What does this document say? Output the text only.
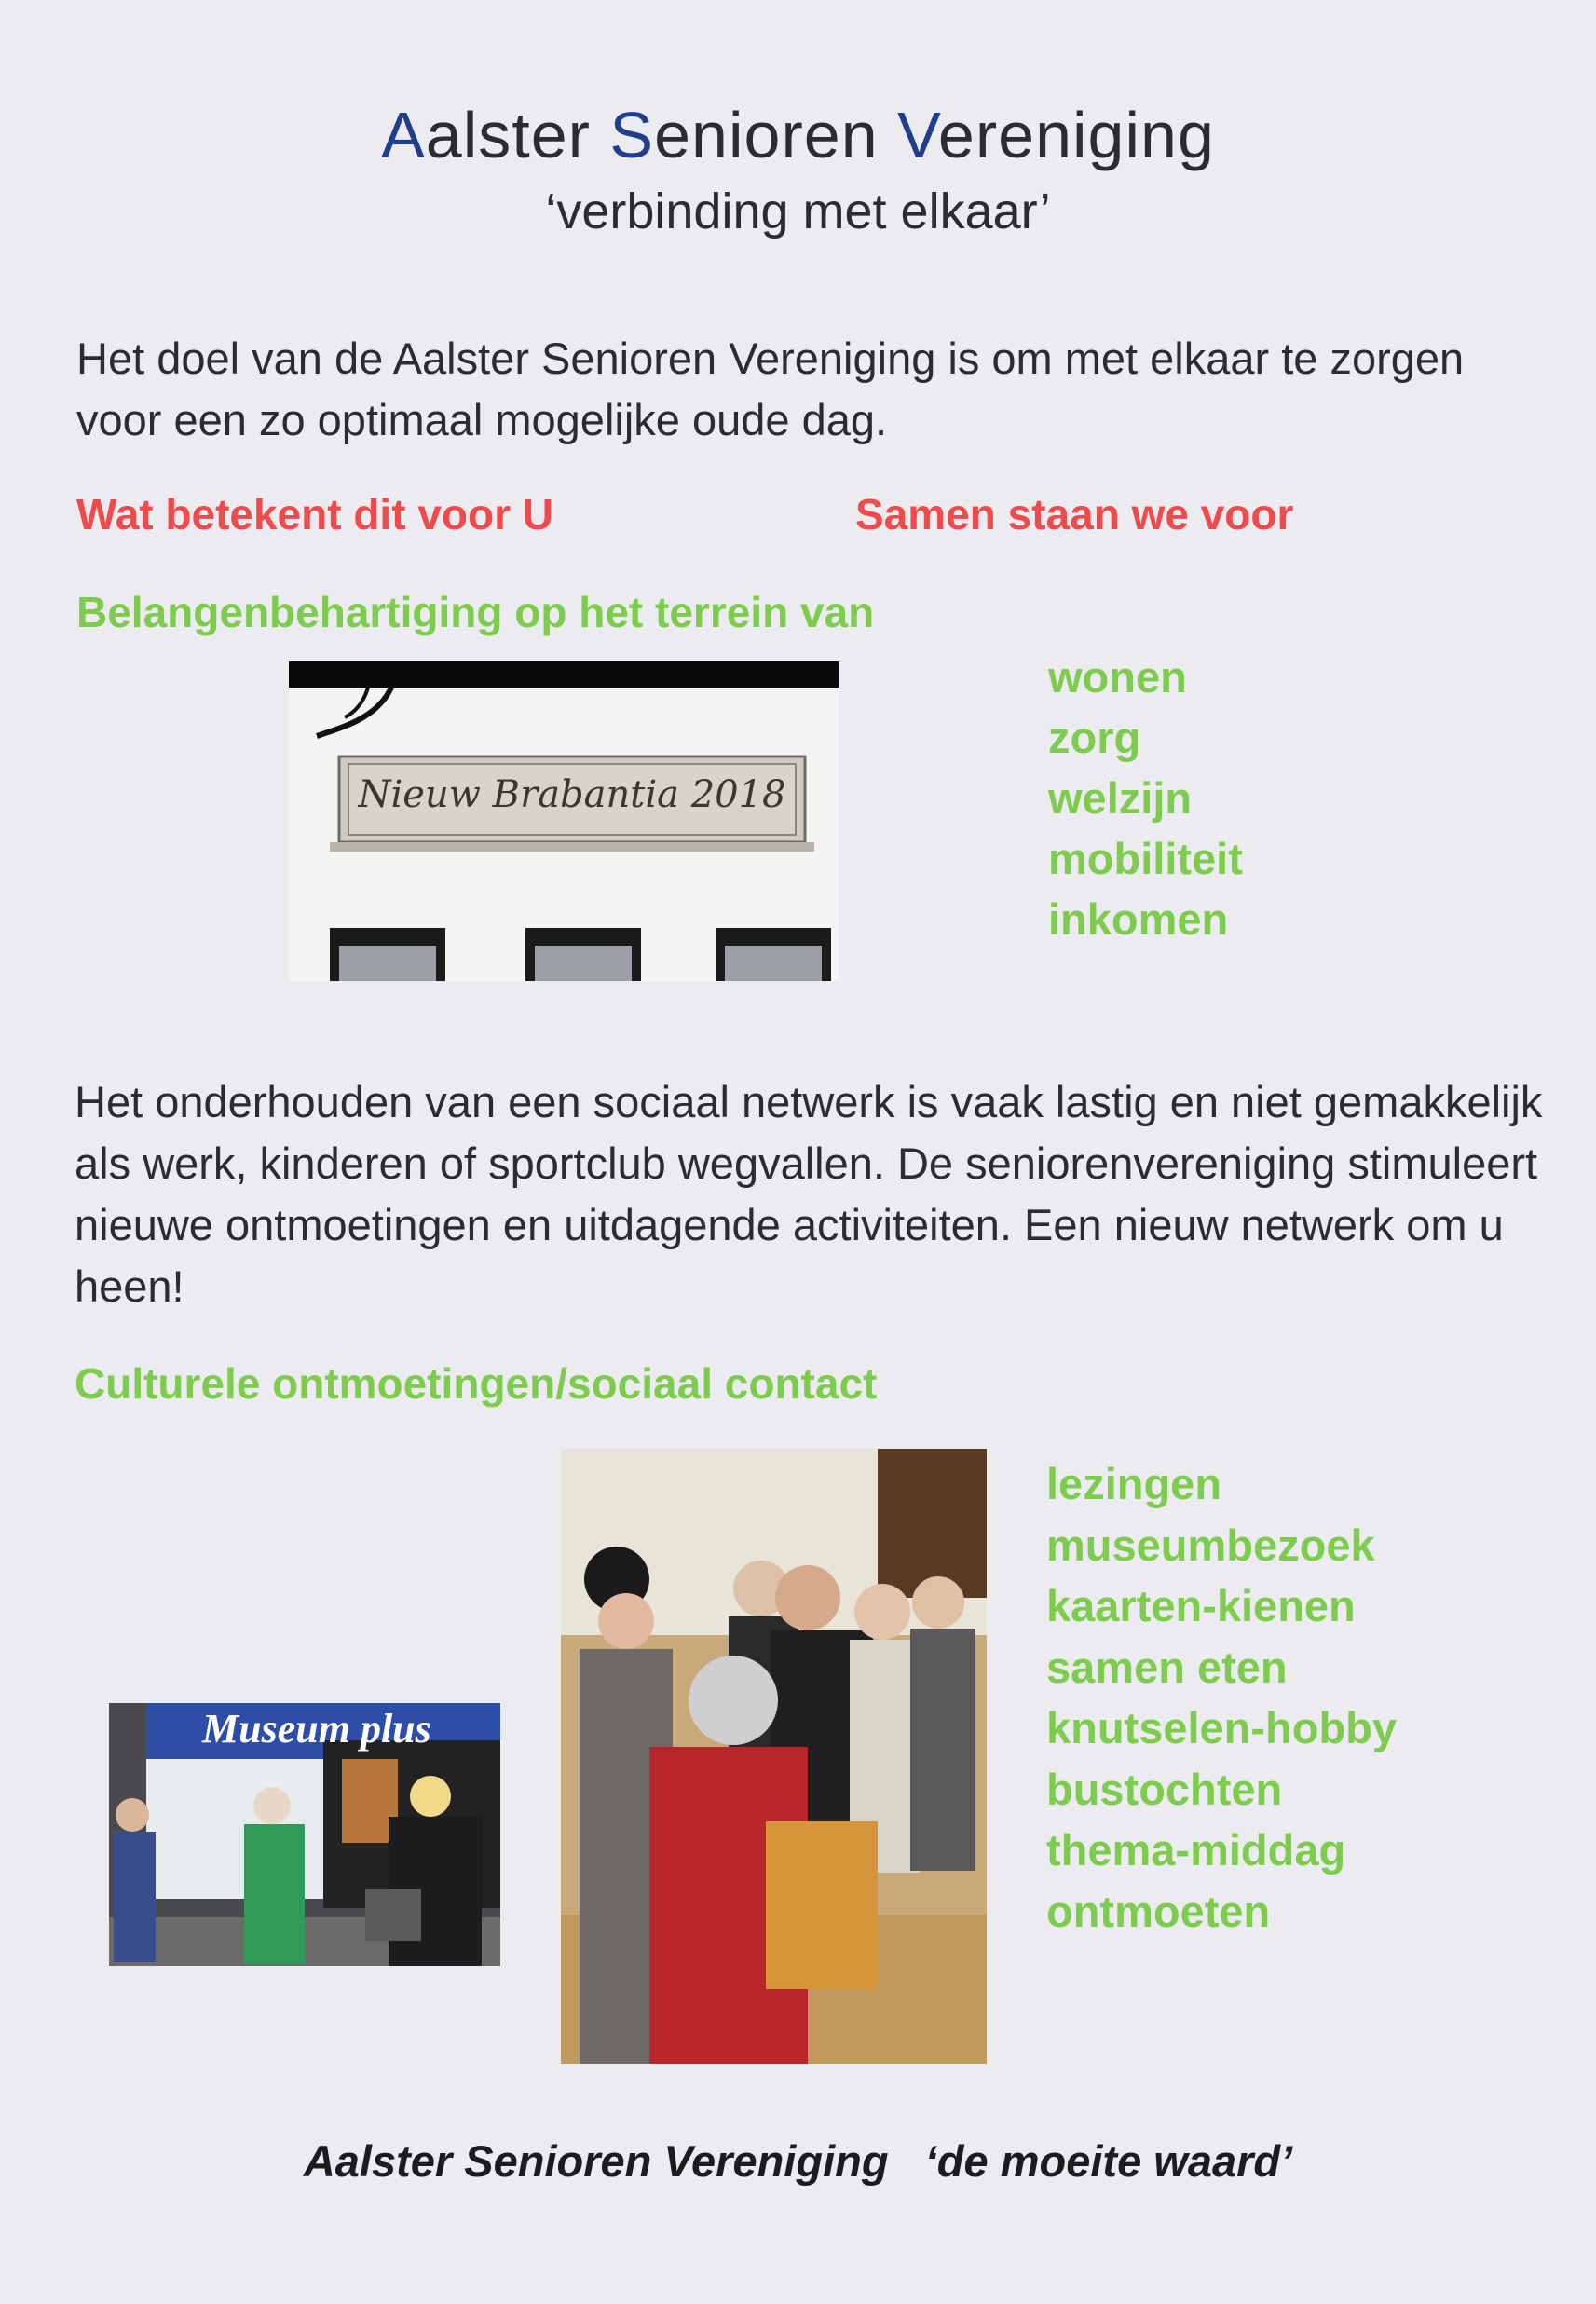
Aalster Senioren Vereniging
‘verbinding met elkaar’

Het doel van de Aalster Senioren Vereniging is om met elkaar te zorgen voor een zo optimaal mogelijke oude dag.

Wat betekent dit voor U	Samen staan we voor
Belangenbehartiging op het terrein van
Nieuw Brabantia 2018
wonen
zorg
welzijn
mobiliteit
inkomen

Het onderhouden van een sociaal netwerk is vaak lastig en niet gemakkelijk als werk, kinderen of sportclub wegvallen. De seniorenvereniging stimuleert nieuwe ontmoetingen en uitdagende activiteiten. Een nieuw netwerk om u heen!

Culturele ontmoetingen/sociaal contact
Museum plus
lezingen
museumbezoek
kaarten-kienen
samen eten
knutselen-hobby
bustochten
thema-middag
ontmoeten
Aalster Senioren Vereniging ‘de moeite waard’
